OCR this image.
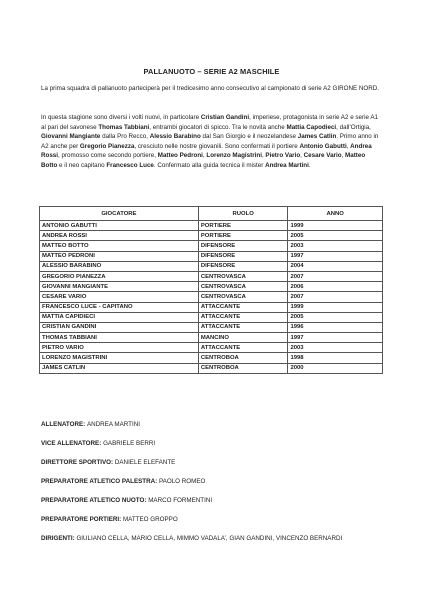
PALLANUOTO – SERIE A2 MASCHILE

La prima squadra di pallanuoto parteciperà per il tredicesimo anno consecutivo al campionato di serie A2 GIRONE NORD.

In questa stagione sono diversi i volti nuovi, in particolare Cristian Gandini, imperiese, protagonista in serie A2 e serie A1 al pari del savonese Thomas Tabbiani, entrambi giocatori di spicco. Tra le novità anche Mattia Capodieci, dall’Ortigia, Giovanni Mangiante dalla Pro Recco, Alessio Barabino dal San Giorgio e il neozelandese James Catlin. Primo anno in A2 anche per Gregorio Pianezza, cresciuto nelle nostre giovanili. Sono confermati il portiere Antonio Gabutti, Andrea Rossi, promosso come secondo portiere, Matteo Pedroni, Lorenzo Magistrini, Pietro Vario, Cesare Vario, Matteo Botto e il neo capitano Francesco Luce. Confermato alla guida tecnica il mister Andrea Martini.

GIOCATORE	RUOLO	ANNO
ANTONIO GABUTTI	PORTIERE	1999
ANDREA ROSSI	PORTIERE	2005
MATTEO BOTTO	DIFENSORE	2003
MATTEO PEDRONI	DIFENSORE	1997
ALESSIO BARABINO	DIFENSORE	2004
GREGORIO PIANEZZA	CENTROVASCA	2007
GIOVANNI MANGIANTE	CENTROVASCA	2006
CESARE VARIO	CENTROVASCA	2007
FRANCESCO LUCE - CAPITANO	ATTACCANTE	1999
MATTIA CAPIDIECI	ATTACCANTE	2005
CRISTIAN GANDINI	ATTACCANTE	1996
THOMAS TABBIANI	MANCINO	1997
PIETRO VARIO	ATTACCANTE	2003
LORENZO MAGISTRINI	CENTROBOA	1998
JAMES CATLIN	CENTROBOA	2000
ALLENATORE: ANDREA MARTINI
VICE ALLENATORE: GABRIELE BERRI
DIRETTORE SPORTIVO: DANIELE ELEFANTE
PREPARATORE ATLETICO PALESTRA: PAOLO ROMEO
PREPARATORE ATLETICO NUOTO: MARCO FORMENTINI
PREPARATORE PORTIERI: MATTEO GROPPO
DIRIGENTI: GIULIANO CELLA, MARIO CELLA, MIMMO VADALA’, GIAN GANDINI, VINCENZO BERNARDI
